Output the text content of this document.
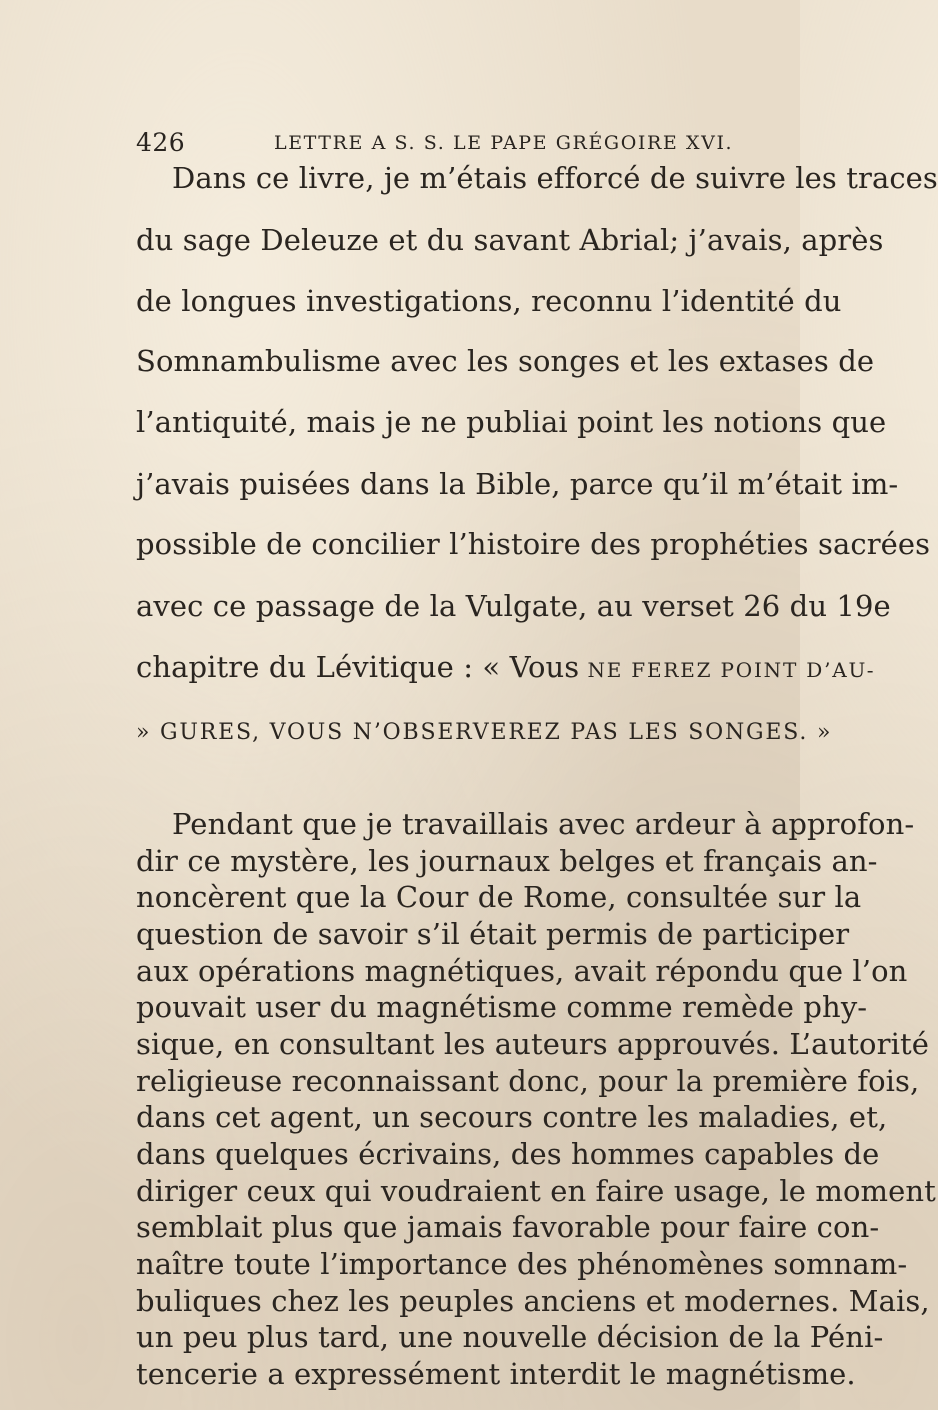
426	LETTRE A S. S. LE PAPE GRÉGOIRE XVI.
Dans ce livre, je m’étais efforcé de suivre les traces
du sage Deleuze et du savant Abrial; j’avais, après
de longues investigations, reconnu l’identité du
Somnambulisme avec les songes et les extases de
l’antiquité, mais je ne publiai point les notions que
j’avais puisées dans la Bible, parce qu’il m’était im-
possible de concilier l’histoire des prophéties sacrées
avec ce passage de la Vulgate, au verset 26 du 19e
chapitre du Lévitique : « Vous NE FEREZ POINT D’AU-
» GURES, VOUS N’OBSERVEREZ PAS LES SONGES. »
Pendant que je travaillais avec ardeur à approfon-
dir ce mystère, les journaux belges et français an-
noncèrent que la Cour de Rome, consultée sur la
question de savoir s’il était permis de participer
aux opérations magnétiques, avait répondu que l’on
pouvait user du magnétisme comme remède phy-
sique, en consultant les auteurs approuvés. L’autorité
religieuse reconnaissant donc, pour la première fois,
dans cet agent, un secours contre les maladies, et,
dans quelques écrivains, des hommes capables de
diriger ceux qui voudraient en faire usage, le moment
semblait plus que jamais favorable pour faire con-
naître toute l’importance des phénomènes somnam-
buliques chez les peuples anciens et modernes. Mais,
un peu plus tard, une nouvelle décision de la Péni-
tencerie a expressément interdit le magnétisme.
